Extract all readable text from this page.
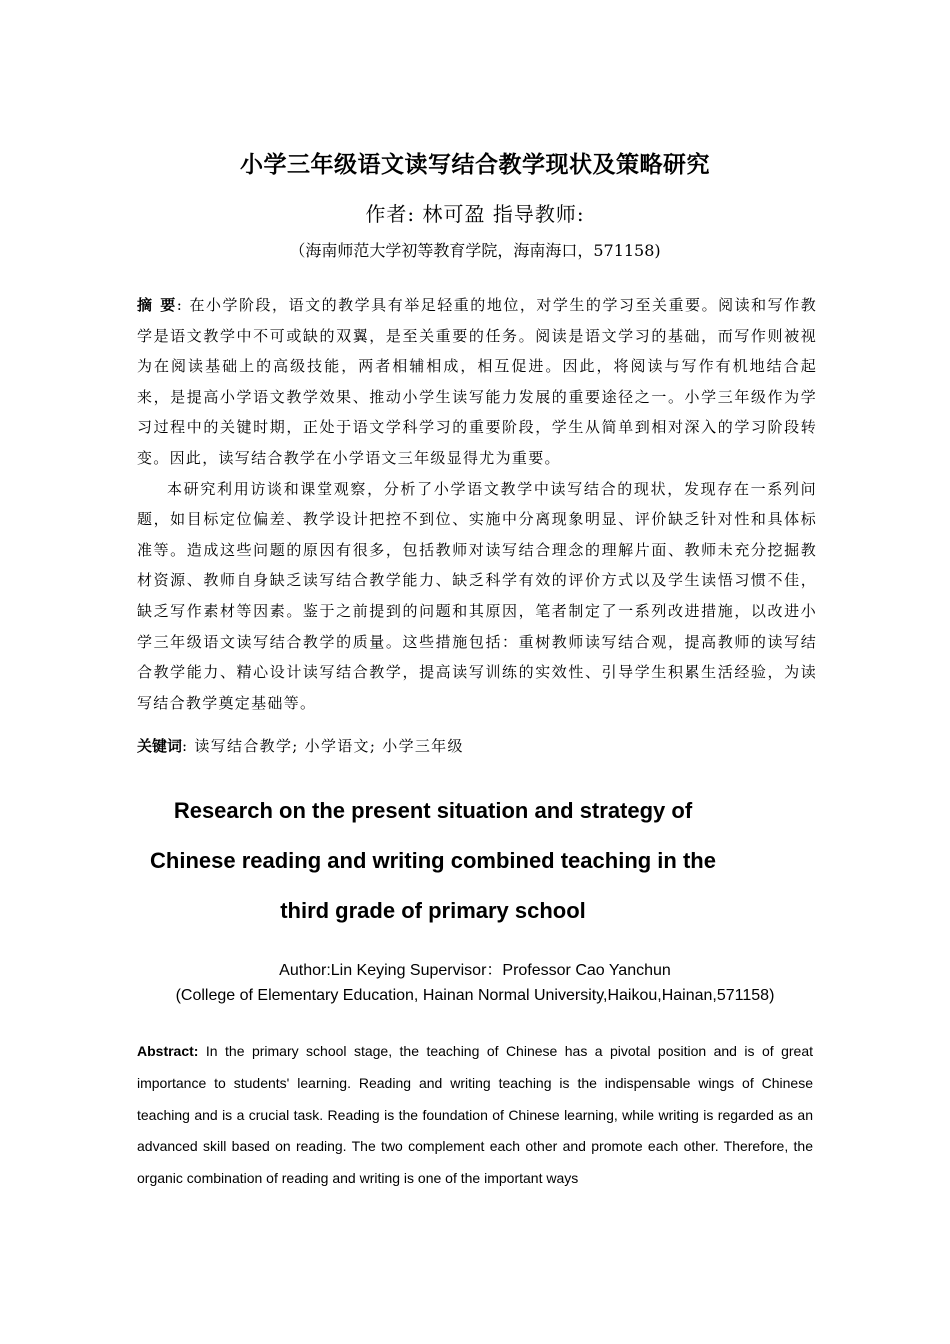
小学三年级语文读写结合教学现状及策略研究
作者: 林可盈 指导教师:
（海南师范大学初等教育学院，海南海口，571158)

摘 要: 在小学阶段，语文的教学具有举足轻重的地位，对学生的学习至关重要。阅读和写作教学是语文教学中不可或缺的双翼，是至关重要的任务。阅读是语文学习的基础，而写作则被视为在阅读基础上的高级技能，两者相辅相成，相互促进。因此，将阅读与写作有机地结合起来，是提高小学语文教学效果、推动小学生读写能力发展的重要途径之一。小学三年级作为学习过程中的关键时期，正处于语文学科学习的重要阶段，学生从简单到相对深入的学习阶段转变。因此，读写结合教学在小学语文三年级显得尤为重要。

本研究利用访谈和课堂观察，分析了小学语文教学中读写结合的现状，发现存在一系列问题，如目标定位偏差、教学设计把控不到位、实施中分离现象明显、评价缺乏针对性和具体标准等。造成这些问题的原因有很多，包括教师对读写结合理念的理解片面、教师未充分挖掘教材资源、教师自身缺乏读写结合教学能力、缺乏科学有效的评价方式以及学生读悟习惯不佳，缺乏写作素材等因素。鉴于之前提到的问题和其原因，笔者制定了一系列改进措施，以改进小学三年级语文读写结合教学的质量。这些措施包括：重树教师读写结合观，提高教师的读写结合教学能力、精心设计读写结合教学，提高读写训练的实效性、引导学生积累生活经验，为读写结合教学奠定基础等。

关键词: 读写结合教学; 小学语文; 小学三年级
Research on the present situation and strategy of
Chinese reading and writing combined teaching in the
third grade of primary school
Author:Lin Keying Supervisor：Professor Cao Yanchun
(College of Elementary Education, Hainan Normal University,Haikou,Hainan,571158)
Abstract: In the primary school stage, the teaching of Chinese has a pivotal position and is of great importance to students' learning. Reading and writing teaching is the indispensable wings of Chinese teaching and is a crucial task. Reading is the foundation of Chinese learning, while writing is regarded as an advanced skill based on reading. The two complement each other and promote each other. Therefore, the organic combination of reading and writing is one of the important ways
